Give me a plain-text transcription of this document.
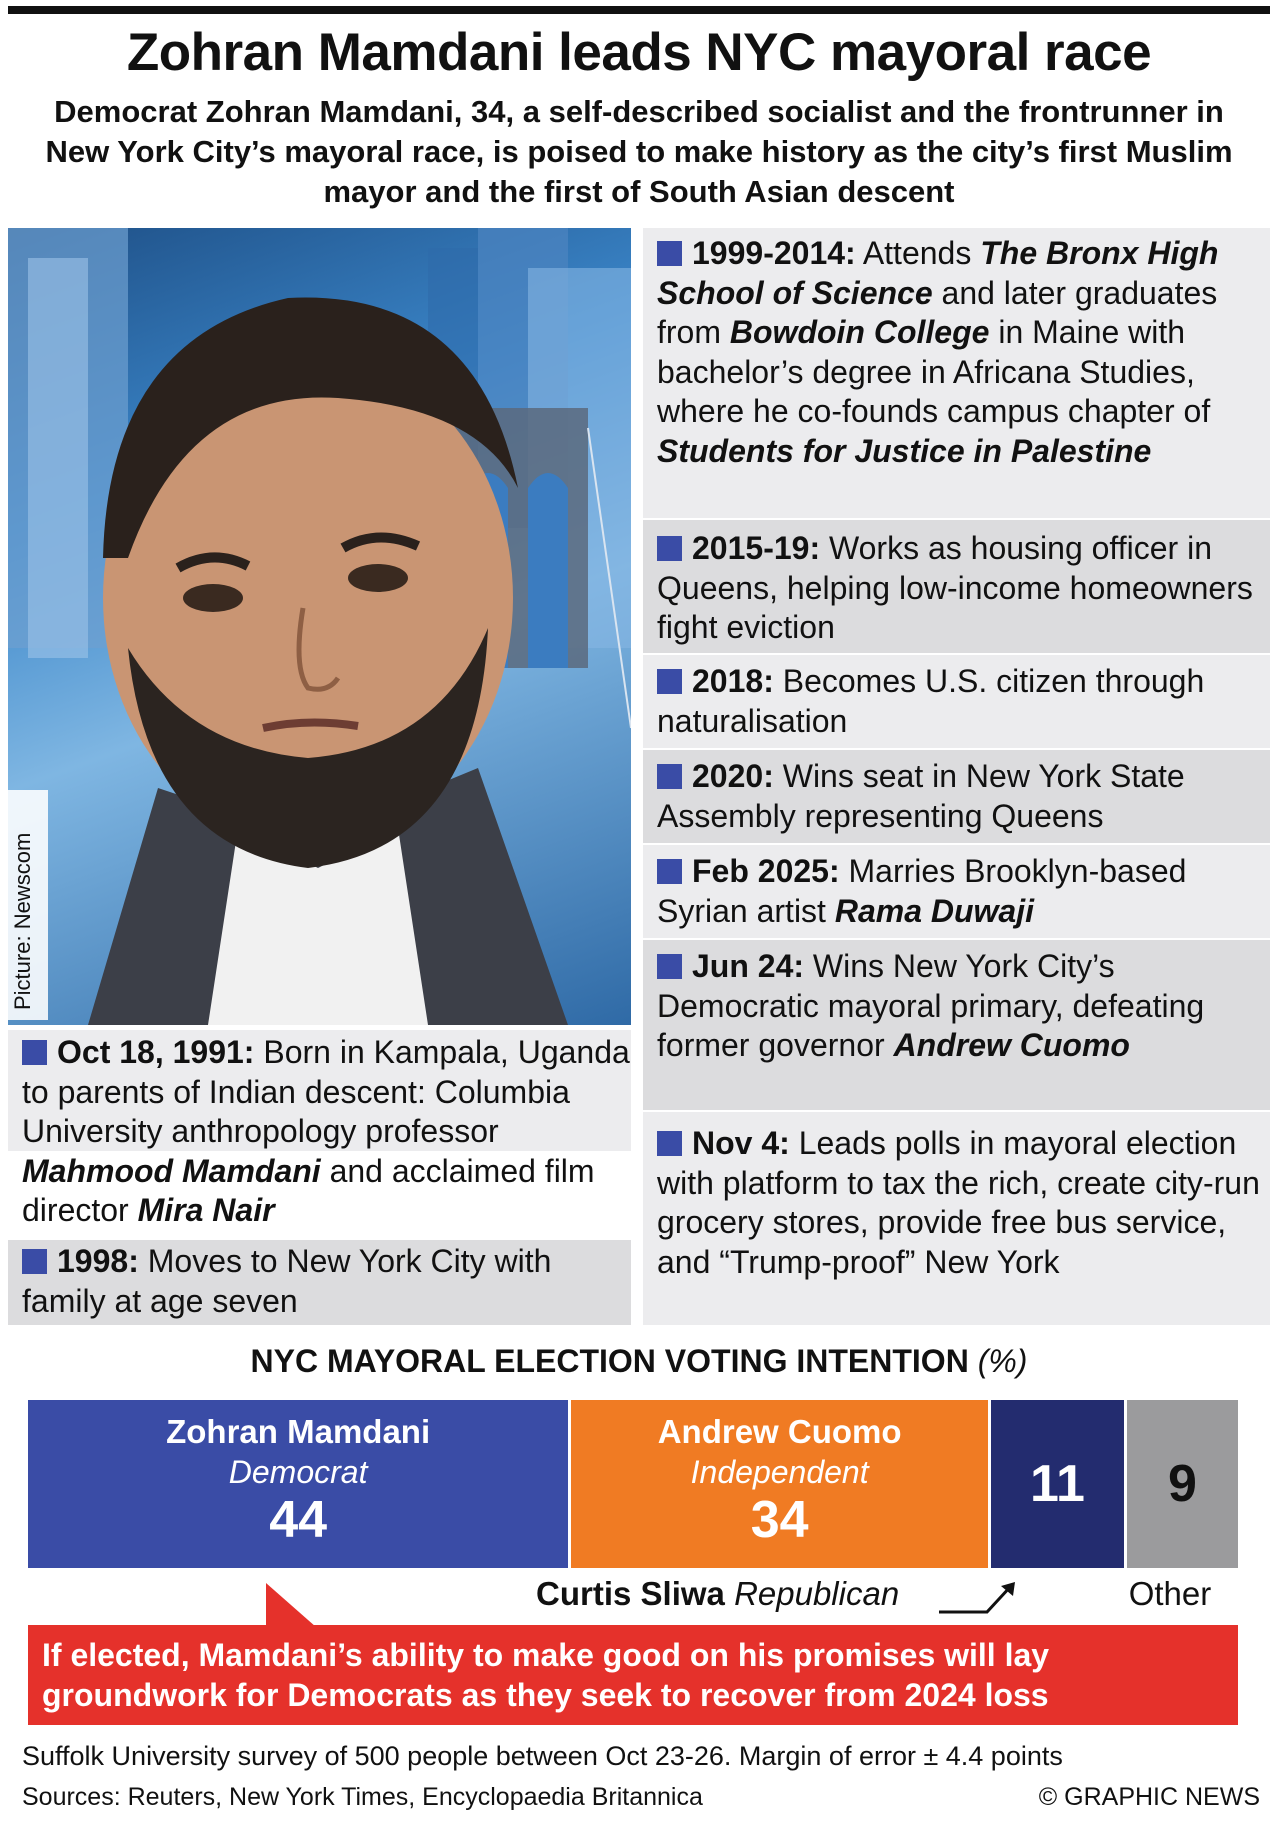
Zohran Mamdani leads NYC mayoral race

Democrat Zohran Mamdani, 34, a self-described socialist and the frontrunner in New York City’s mayoral race, is poised to make history as the city’s first Muslim mayor and the first of South Asian descent

Picture: Newscom
Oct 18, 1991: Born in Kampala, Uganda to parents of Indian descent: Columbia University anthropology professor Mahmood Mamdani and acclaimed film director Mira Nair
1998: Moves to New York City with family at age seven
1999-2014: Attends The Bronx High School of Science and later graduates from Bowdoin College in Maine with bachelor’s degree in Africana Studies, where he co-founds campus chapter of Students for Justice in Palestine
2015-19: Works as housing officer in Queens, helping low-income homeowners fight eviction
2018: Becomes U.S. citizen through naturalisation
2020: Wins seat in New York State Assembly representing Queens
Feb 2025: Marries Brooklyn-based Syrian artist Rama Duwaji
Jun 24: Wins New York City’s Democratic mayoral primary, defeating former governor Andrew Cuomo
Nov 4: Leads polls in mayoral election with platform to tax the rich, create city-run grocery stores, provide free bus service, and “Trump-proof” New York
NYC MAYORAL ELECTION VOTING INTENTION (%)
Zohran Mamdani
Democrat
44
Andrew Cuomo
Independent
34
11	9
Curtis Sliwa Republican	Other
If elected, Mamdani’s ability to make good on his promises will lay groundwork for Democrats as they seek to recover from 2024 loss
Suffolk University survey of 500 people between Oct 23-26. Margin of error ± 4.4 points
Sources: Reuters, New York Times, Encyclopaedia Britannica	© GRAPHIC NEWS
